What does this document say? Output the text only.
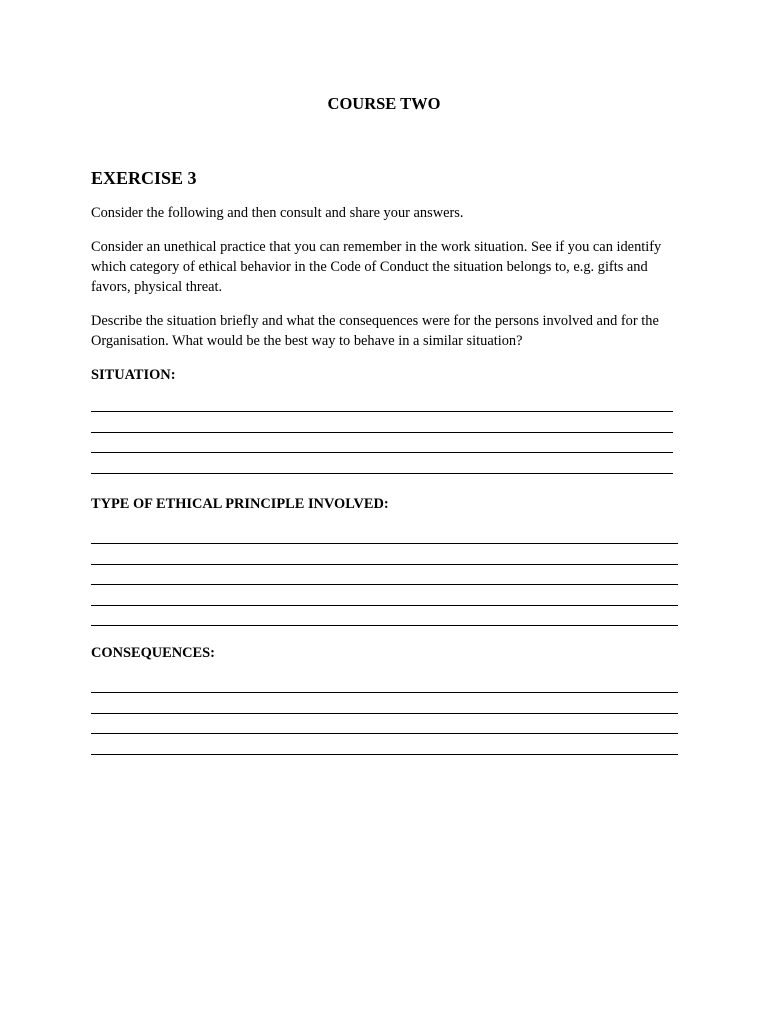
COURSE TWO
EXERCISE 3

Consider the following and then consult and share your answers.

Consider an unethical practice that you can remember in the work situation. See if you can identify which category of ethical behavior in the Code of Conduct the situation belongs to, e.g. gifts and favors, physical threat.

Describe the situation briefly and what the consequences were for the persons involved and for the Organisation. What would be the best way to behave in a similar situation?

SITUATION:
TYPE OF ETHICAL PRINCIPLE INVOLVED:
CONSEQUENCES:
